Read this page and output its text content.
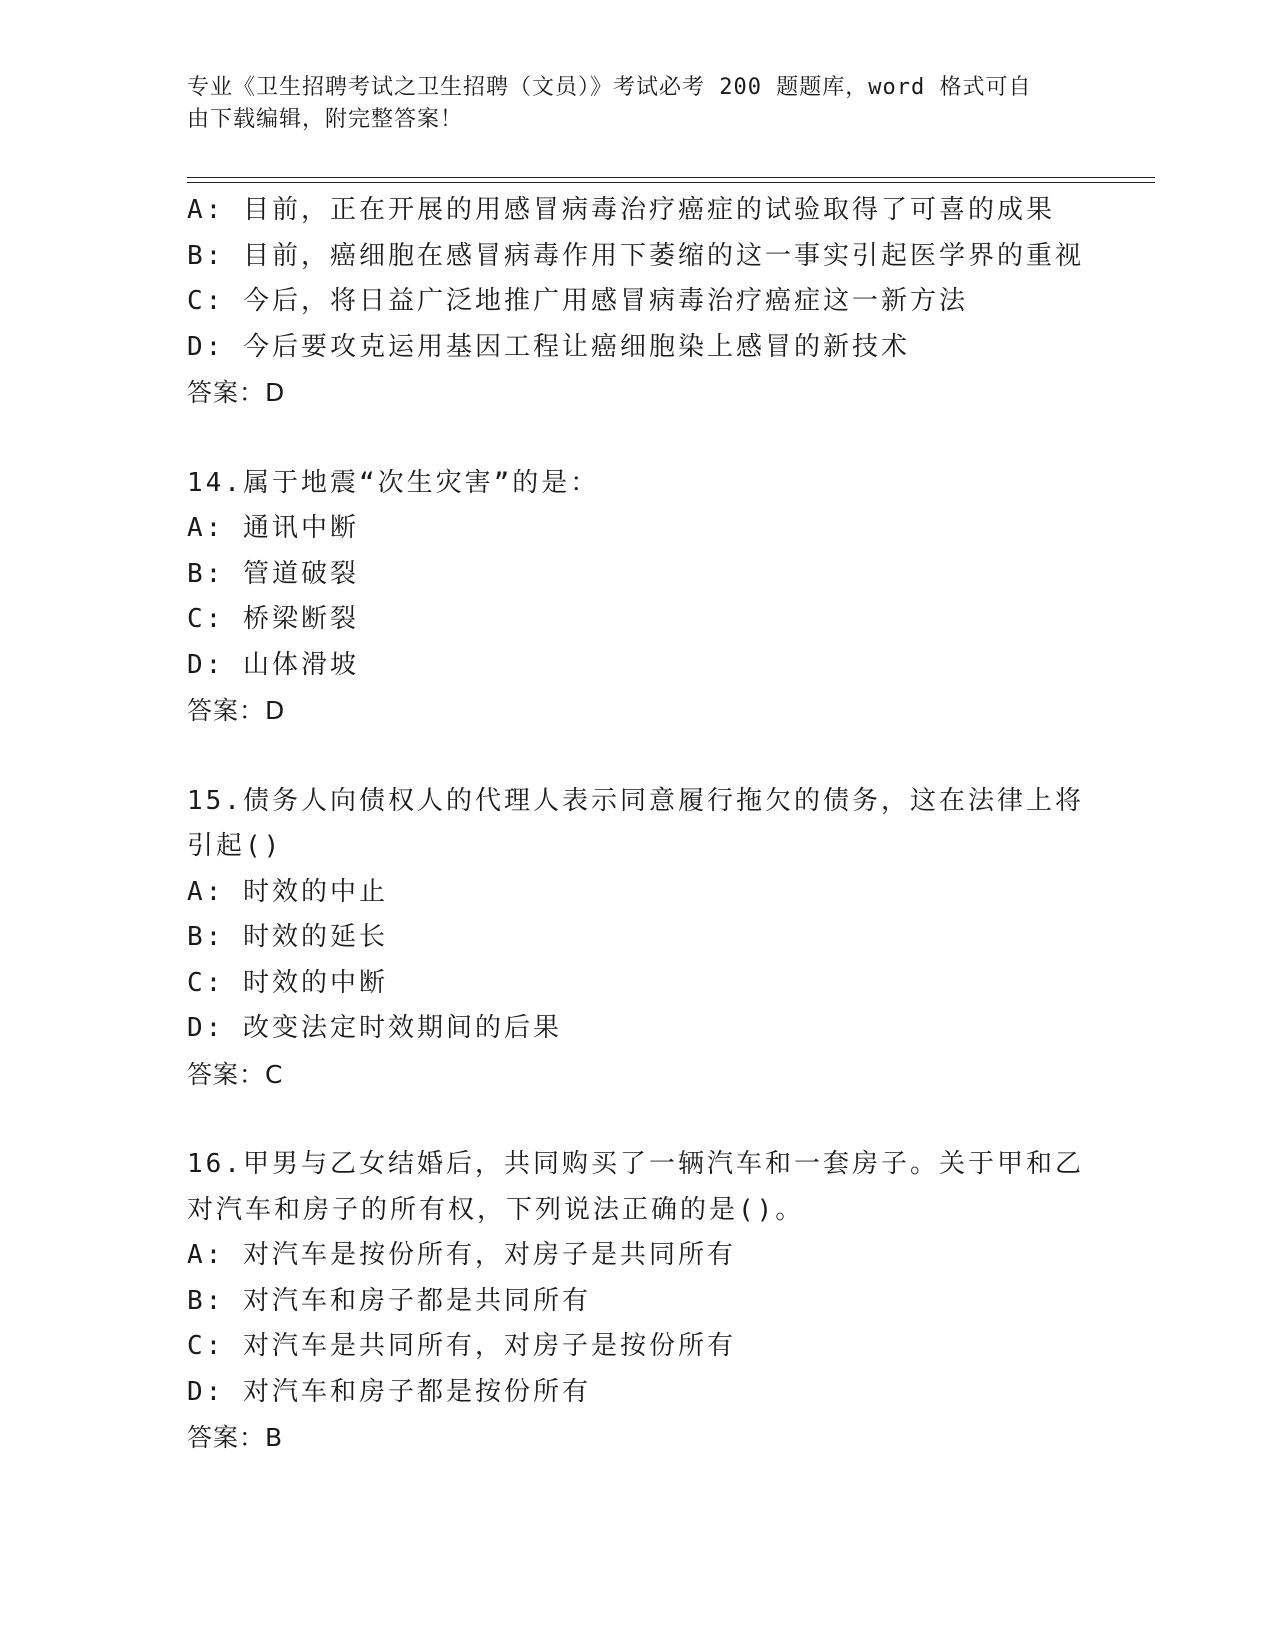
专业《卫生招聘考试之卫生招聘（文员）》考试必考 200 题题库，word 格式可自
由下载编辑，附完整答案！
A: 目前，正在开展的用感冒病毒治疗癌症的试验取得了可喜的成果
B: 目前，癌细胞在感冒病毒作用下萎缩的这一事实引起医学界的重视
C: 今后，将日益广泛地推广用感冒病毒治疗癌症这一新方法
D: 今后要攻克运用基因工程让癌细胞染上感冒的新技术
答案：D
14.属于地震“次生灾害”的是：
A: 通讯中断
B: 管道破裂
C: 桥梁断裂
D: 山体滑坡
答案：D
15.债务人向债权人的代理人表示同意履行拖欠的债务，这在法律上将
引起()
A: 时效的中止
B: 时效的延长
C: 时效的中断
D: 改变法定时效期间的后果
答案：C
16.甲男与乙女结婚后，共同购买了一辆汽车和一套房子。关于甲和乙
对汽车和房子的所有权，下列说法正确的是()。
A: 对汽车是按份所有，对房子是共同所有
B: 对汽车和房子都是共同所有
C: 对汽车是共同所有，对房子是按份所有
D: 对汽车和房子都是按份所有
答案：B
